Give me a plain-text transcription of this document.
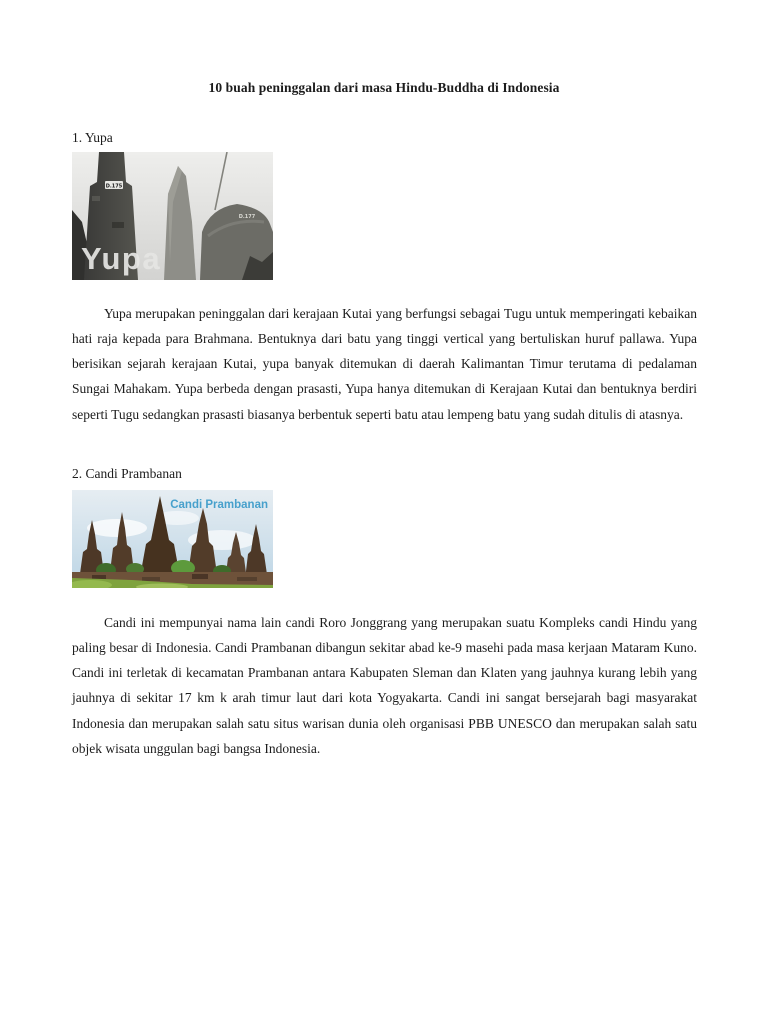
10 buah peninggalan dari masa Hindu-Buddha di Indonesia
1. Yupa
D.175
D.177
Yupa

Yupa merupakan peninggalan dari kerajaan Kutai yang berfungsi sebagai Tugu untuk memperingati kebaikan hati raja kepada para Brahmana. Bentuknya dari batu yang tinggi vertical yang bertuliskan huruf pallawa. Yupa berisikan sejarah kerajaan Kutai, yupa banyak ditemukan di daerah Kalimantan Timur terutama di pedalaman Sungai Mahakam. Yupa berbeda dengan prasasti, Yupa hanya ditemukan di Kerajaan Kutai dan bentuknya berdiri seperti Tugu sedangkan prasasti biasanya berbentuk seperti batu atau lempeng batu yang sudah ditulis di atasnya.

2. Candi Prambanan
Candi Prambanan

Candi ini mempunyai nama lain candi Roro Jonggrang yang merupakan suatu Kompleks candi Hindu yang paling besar di Indonesia. Candi Prambanan dibangun sekitar abad ke-9 masehi pada masa kerjaan Mataram Kuno. Candi ini terletak di kecamatan Prambanan antara Kabupaten Sleman dan Klaten yang jauhnya kurang lebih yang jauhnya di sekitar 17 km k arah timur laut dari kota Yogyakarta. Candi ini sangat bersejarah bagi masyarakat Indonesia dan merupakan salah satu situs warisan dunia oleh organisasi PBB UNESCO dan merupakan salah satu objek wisata unggulan bagi bangsa Indonesia.
